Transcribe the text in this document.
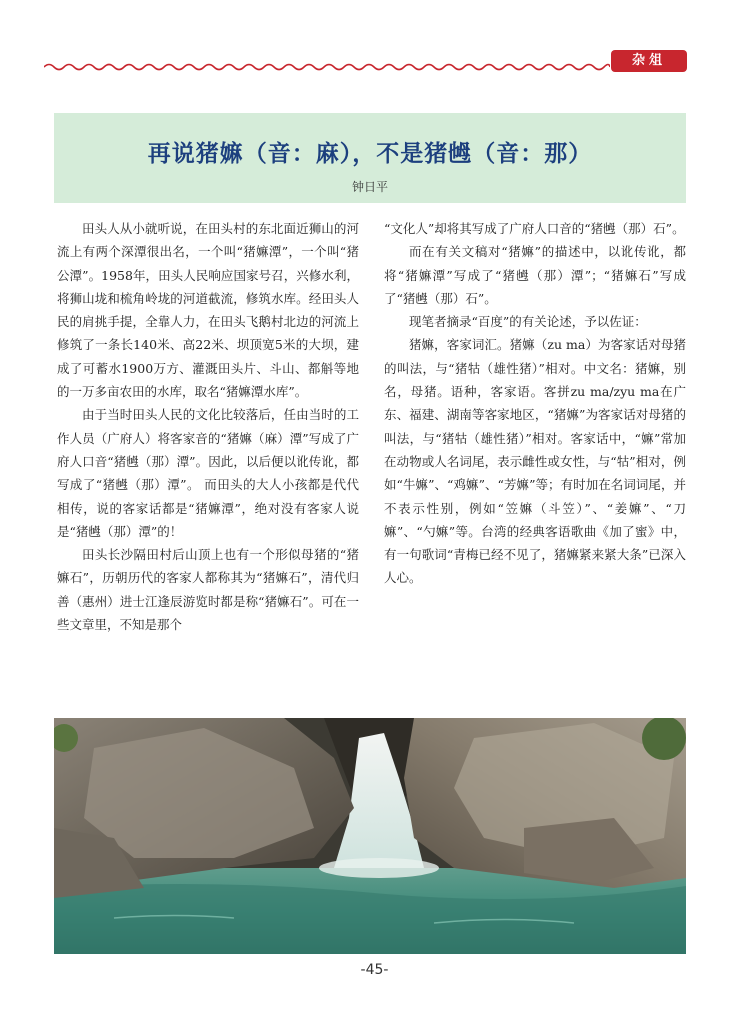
杂俎
再说猪嫲（音：麻），不是猪乸（音：那）
钟日平

田头人从小就听说，在田头村的东北面近狮山的河流上有两个深潭很出名，一个叫“猪嫲潭”，一个叫“猪公潭”。1958年，田头人民响应国家号召，兴修水利，将狮山垅和梳角岭垅的河道截流，修筑水库。经田头人民的肩挑手提，全靠人力，在田头飞鹅村北边的河流上修筑了一条长140米、高22米、坝顶宽5米的大坝，建成了可蓄水1900万方、灌溉田头片、斗山、都斛等地的一万多亩农田的水库，取名“猪嫲潭水库”。

由于当时田头人民的文化比较落后，任由当时的工作人员（广府人）将客家音的“猪嫲（麻）潭”写成了广府人口音“猪乸（那）潭”。因此，以后便以讹传讹，都写成了“猪乸（那）潭”。 而田头的大人小孩都是代代相传，说的客家话都是“猪嫲潭”，绝对没有客家人说是“猪乸（那）潭”的！

田头长沙隔田村后山顶上也有一个形似母猪的“猪嫲石”，历朝历代的客家人都称其为“猪嫲石”，清代归善（惠州）进士江逢辰游览时都是称“猪嫲石”。可在一些文章里，不知是那个

“文化人”却将其写成了广府人口音的“猪乸（那）石”。

而在有关文稿对“猪嫲”的描述中，以讹传讹，都将“猪嫲潭”写成了“猪乸（那）潭”；“猪嫲石”写成了“猪乸（那）石”。

现笔者摘录“百度”的有关论述，予以佐证：

猪嫲，客家词汇。猪嫲（zu ma）为客家话对母猪的叫法，与“猪牯（雄性猪）”相对。中文名：猪嫲，别名，母猪。语种，客家语。客拼zu ma/zyu ma在广东、福建、湖南等客家地区，“猪嫲”为客家话对母猪的叫法，与“猪牯（雄性猪）”相对。客家话中，“嫲”常加在动物或人名词尾，表示雌性或女性，与“牯”相对，例如“牛嫲”、“鸡嫲”、“芳嫲”等；有时加在名词词尾，并不表示性别，例如“笠嫲（斗笠）”、“姜嫲”、“刀嫲”、“勺嫲”等。台湾的经典客语歌曲《加了蜜》中，有一句歌词“青梅已经不见了，猪嫲紧来紧大条”已深入人心。

-45-
